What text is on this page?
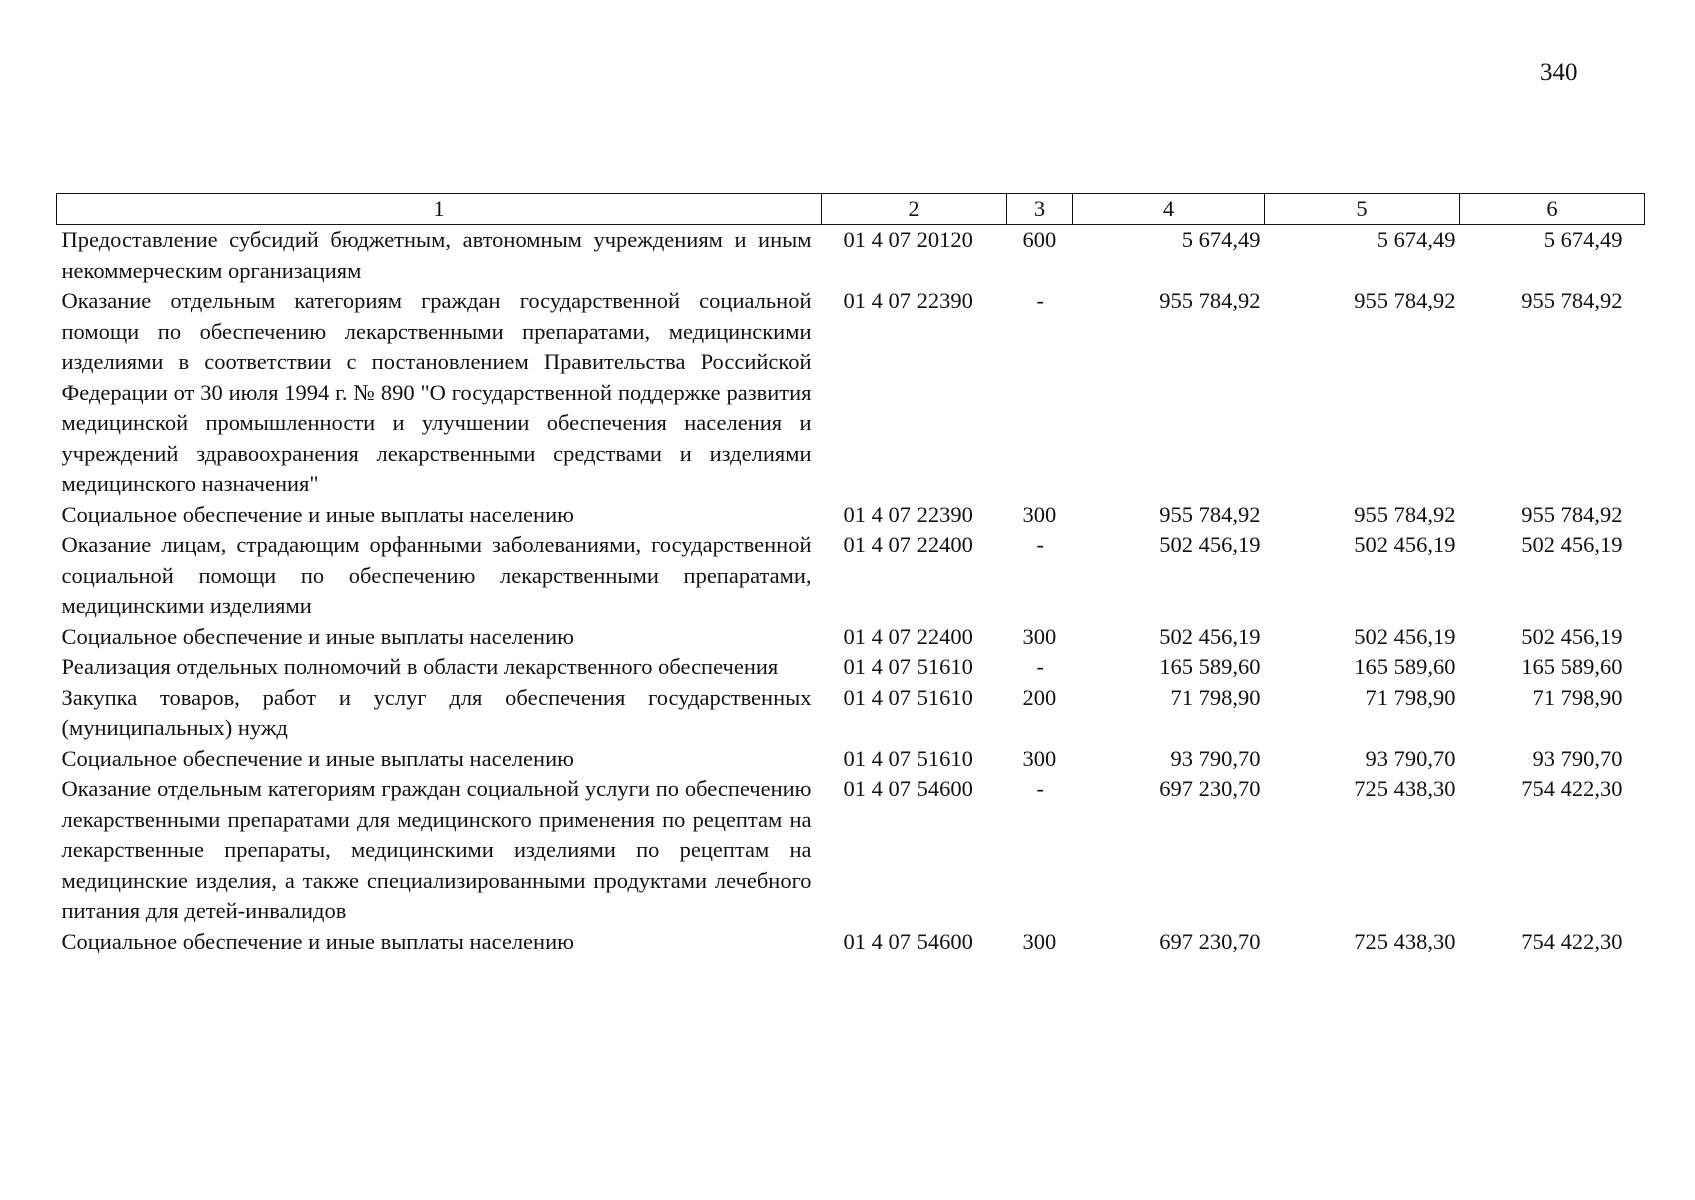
340
1	2	3	4	5	6
Предоставление субсидий бюджетным, автономным учреждениям и иным некоммерческим организациям	01 4 07 20120	600	5 674,49	5 674,49	5 674,49
Оказание отдельным категориям граждан государственной социальной помощи по обеспечению лекарственными препаратами, медицинскими изделиями в соответствии с постановлением Правительства Российской Федерации от 30 июля 1994 г. № 890 "О государственной поддержке развития медицинской промышленности и улучшении обеспечения населения и учреждений здравоохранения лекарственными средствами и изделиями медицинского назначения"	01 4 07 22390	-	955 784,92	955 784,92	955 784,92
Социальное обеспечение и иные выплаты населению	01 4 07 22390	300	955 784,92	955 784,92	955 784,92
Оказание лицам, страдающим орфанными заболеваниями, государственной социальной помощи по обеспечению лекарственными препаратами, медицинскими изделиями	01 4 07 22400	-	502 456,19	502 456,19	502 456,19
Социальное обеспечение и иные выплаты населению	01 4 07 22400	300	502 456,19	502 456,19	502 456,19
Реализация отдельных полномочий в области лекарственного обеспечения	01 4 07 51610	-	165 589,60	165 589,60	165 589,60
Закупка товаров, работ и услуг для обеспечения государственных (муниципальных) нужд	01 4 07 51610	200	71 798,90	71 798,90	71 798,90
Социальное обеспечение и иные выплаты населению	01 4 07 51610	300	93 790,70	93 790,70	93 790,70
Оказание отдельным категориям граждан социальной услуги по обеспечению лекарственными препаратами для медицинского применения по рецептам на лекарственные препараты, медицинскими изделиями по рецептам на медицинские изделия, а также специализированными продуктами лечебного питания для детей-инвалидов	01 4 07 54600	-	697 230,70	725 438,30	754 422,30
Социальное обеспечение и иные выплаты населению	01 4 07 54600	300	697 230,70	725 438,30	754 422,30
